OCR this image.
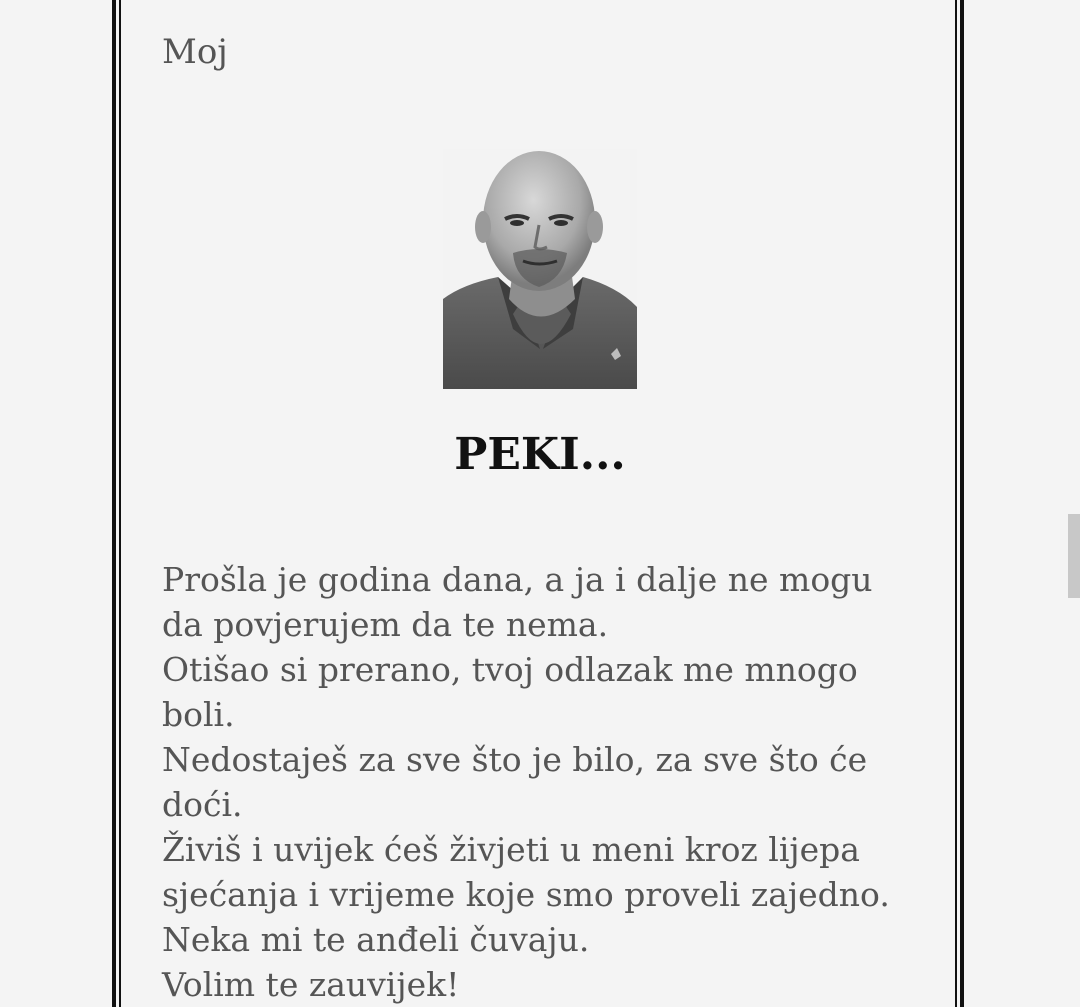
Moj
PEKI...
Prošla je godina dana, a ja i dalje ne mogu
da povjerujem da te nema.
Otišao si prerano, tvoj odlazak me mnogo
boli.
Nedostaješ za sve što je bilo, za sve što će
doći.
Živiš i uvijek ćeš živjeti u meni kroz lijepa
sjećanja i vrijeme koje smo proveli zajedno.
Neka mi te anđeli čuvaju.
Volim te zauvijek!
